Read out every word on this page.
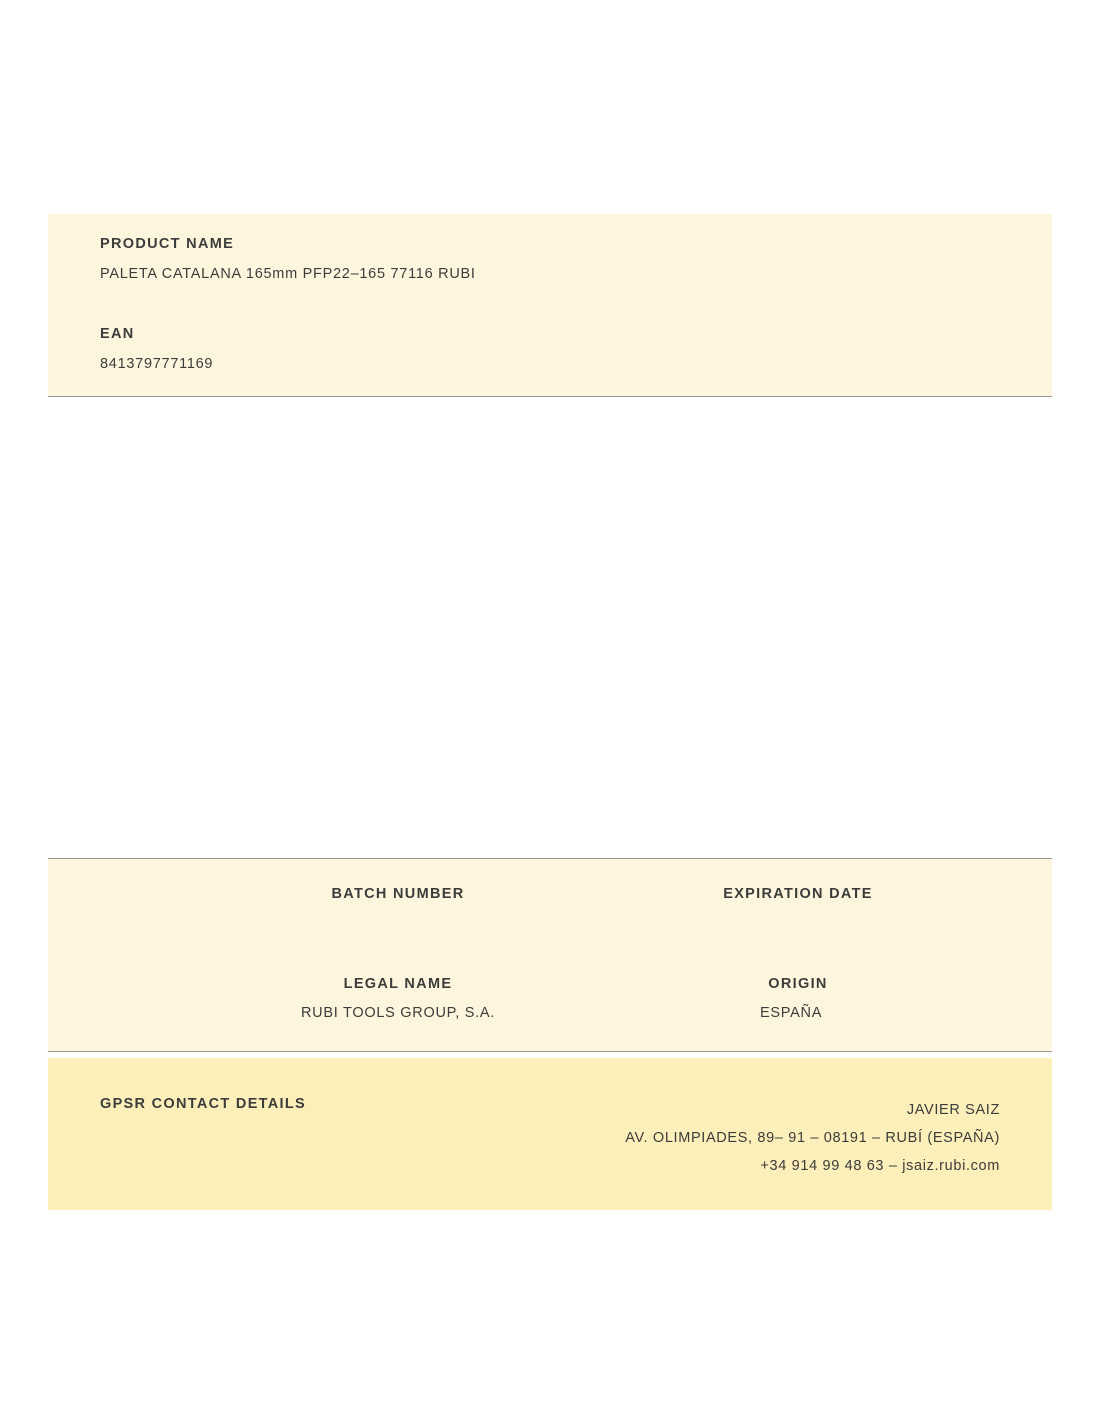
PRODUCT NAME
PALETA CATALANA 165mm PFP22–165 77116 RUBI
EAN
8413797771169
BATCH NUMBER	EXPIRATION DATE
LEGAL NAME
RUBI TOOLS GROUP, S.A.
ORIGIN
ESPAÑA
GPSR CONTACT DETAILS	JAVIER SAIZ
AV. OLIMPIADES, 89– 91 – 08191 – RUBÍ (ESPAÑA)
+34 914 99 48 63 – jsaiz.rubi.com
